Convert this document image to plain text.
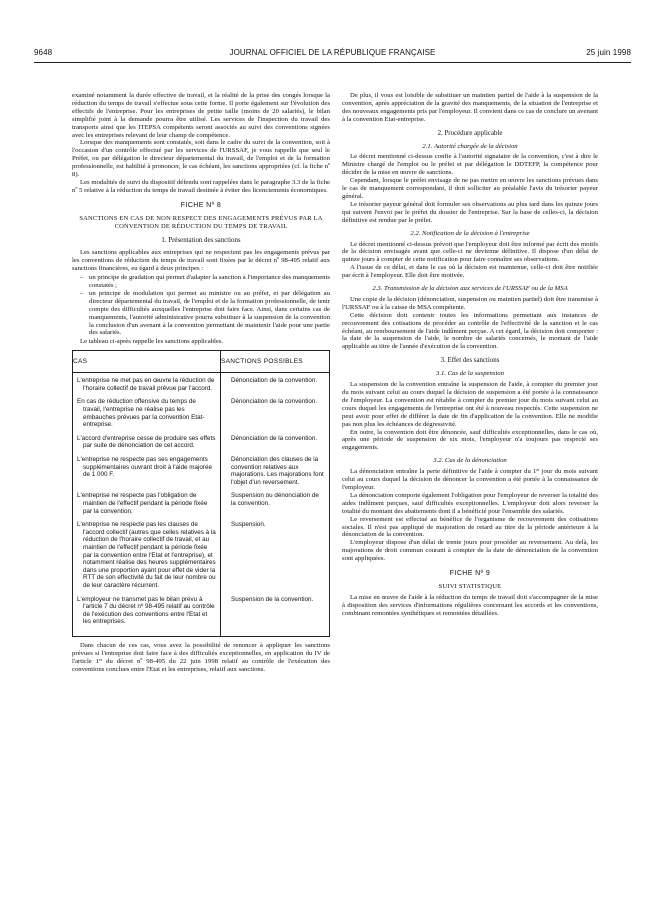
9648	JOURNAL OFFICIEL DE LA RÉPUBLIQUE FRANÇAISE	25 juin 1998

examiné notamment la durée effective de travail, et la réalité de la prise des congés lorsque la réduction du temps de travail s'effectue sous cette forme. Il porte également sur l'évolution des effectifs de l'entreprise. Pour les entreprises de petite taille (moins de 20 salariés), le bilan simplifié joint à la demande pourra être utilisé. Les services de l'inspection du travail des transports ainsi que les ITEPSA compétents seront associés au suivi des conventions signées avec les entreprises relevant de leur champ de compétence.

Lorsque des manquements sont constatés, soit dans le cadre du suivi de la convention, soit à l'occasion d'un contrôle effectué par les services de l'URSSAF, je vous rappelle que seul le Préfet, ou par délégation le directeur départemental du travail, de l'emploi et de la formation professionnelle, est habilité à prononcer, le cas échéant, les sanctions appropriées (cf. la fiche nº 8).

Les modalités de suivi du dispositif défendu sont rappelées dans le paragraphe 3.3 de la fiche nº 5 relative à la réduction du temps de travail destinée à éviter des licenciements économiques.

FICHE Nº 8

SANCTIONS EN CAS DE NON RESPECT DES ENGAGEMENTS PRÉVUS PAR LA CONVENTION DE RÉDUCTION DU TEMPS DE TRAVAIL

1. Présentation des sanctions

Les sanctions applicables aux entreprises qui ne respectent pas les engagements prévus par les conventions de réduction du temps de travail sont fixées par le décret nº 98-495 relatif aux sanctions financières, eu égard à deux principes :

– un principe de gradation qui permet d'adapter la sanction à l'importance des manquements constatés ;
– un principe de modulation qui permet au ministre ou au préfet, et par délégation au directeur départemental du travail, de l'emploi et de la formation professionnelle, de tenir compte des difficultés auxquelles l'entreprise doit faire face. Ainsi, dans certains cas de manquements, l'autorité administrative pourra substituer à la suspension de la convention la conclusion d'un avenant à la convention permettant de maintenir l'aide pour une partie des salariés.

Le tableau ci-après rappelle les sanctions applicables.

CAS	SANCTIONS POSSIBLES

L'entreprise ne met pas en œuvre la réduction de l'horaire collectif de travail prévue par l'accord.	Dénonciation de la convention.

En cas de réduction offensive du temps de travail, l'entreprise ne réalise pas les embauches prévues par la convention Etat-entreprise.	Dénonciation de la convention.

L'accord d'entreprise cesse de produire ses effets par suite de dénonciation de cet accord.	Dénonciation de la convention.

L'entreprise ne respecte pas ses engagements supplémentaires ouvrant droit à l'aide majorée de 1 000 F.	Dénonciation des clauses de la convention relatives aux majorations. Les majorations font l'objet d'un reversement.

L'entreprise ne respecte pas l'obligation de maintien de l'effectif pendant la période fixée par la convention.	Suspension ou dénonciation de la convention.

L'entreprise ne respecte pas les clauses de l'accord collectif (autres que celles relatives à la réduction de l'horaire collectif de travail, et au maintien de l'effectif pendant la période fixée par la convention entre l'Etat et l'entreprise), et notamment réalise des heures supplémentaires dans une proportion ayant pour effet de vider la RTT de son effectivité du fait de leur nombre ou de leur caractère récurrent.	Suspension.

L'employeur ne transmet pas le bilan prévu à l'article 7 du décret nº 98-495 relatif au contrôle de l'exécution des conventions entre l'Etat et les entreprises.	Suspension de la convention.

Dans chacun de ces cas, vous avez la possibilité de renoncer à appliquer les sanctions prévues si l'entreprise doit faire face à des difficultés exceptionnelles, en application du IV de l'article 1ᵉʳ du décret nº 98-495 du 22 juin 1998 relatif au contrôle de l'exécution des conventions conclues entre l'Etat et les entreprises, relatif aux sanctions.

De plus, il vous est loisible de substituer un maintien partiel de l'aide à la suspension de la convention, après appréciation de la gravité des manquements, de la situation de l'entreprise et des nouveaux engagements pris par l'employeur. Il convient dans ce cas de conclure un avenant à la convention Etat-entreprise.

2. Procédure applicable
2.1. Autorité chargée de la décision

Le décret mentionné ci-dessus confie à l'autorité signataire de la convention, c'est à dire le Ministre chargé de l'emploi ou le préfet et par délégation le DDTEFP, la compétence pour décider de la mise en œuvre de sanctions.

Cependant, lorsque le préfet envisage de ne pas mettre en œuvre les sanctions prévues dans le cas de manquement correspondant, il doit solliciter au préalable l'avis du trésorier payeur général.

Le trésorier payeur général doit formuler ses observations au plus tard dans les quinze jours qui suivent l'envoi par le préfet du dossier de l'entreprise. Sur la base de celles-ci, la décision définitive est rendue par le préfet.

2.2. Notification de la décision à l'entreprise

Le décret mentionné ci-dessus prévoit que l'employeur doit être informé par écrit des motifs de la décision envisagée avant que celle-ci ne devienne définitive. Il dispose d'un délai de quinze jours à compter de cette notification pour faire connaître ses observations.

A l'issue de ce délai, et dans le cas où la décision est maintenue, celle-ci doit être notifiée par écrit à l'employeur. Elle doit être motivée.

2.3. Transmission de la décision aux services de l'URSSAF ou de la MSA

Une copie de la décision (dénonciation, suspension ou maintien partiel) doit être transmise à l'URSSAF ou à la caisse de MSA compétente.

Cette décision doit contenir toutes les informations permettant aux instances de recouvrement des cotisations de procéder au contrôle de l'effectivité de la sanction et le cas échéant, au remboursement de l'aide indûment perçue. A cet égard, la décision doit comporter : la date de la suspension de l'aide, le nombre de salariés concernés, le montant de l'aide applicable au titre de l'année d'exécution de la convention.

3. Effet des sanctions
3.1. Cas de la suspension

La suspension de la convention entraîne la suspension de l'aide, à compter du premier jour du mois suivant celui au cours duquel la décision de suspension a été portée à la connaissance de l'employeur. La convention est rétablie à compter du premier jour du mois suivant celui au cours duquel les engagements de l'entreprise ont été à nouveau respectés. Cette suspension ne peut avoir pour effet de différer la date de fin d'application de la convention. Elle ne modifie pas non plus les échéances de dégressivité.

En outre, la convention doit être dénoncée, sauf difficultés exceptionnelles, dans le cas où, après une période de suspension de six mois, l'employeur n'a toujours pas respecté ses engagements.

3.2. Cas de la dénonciation

La dénonciation entraîne la perte définitive de l'aide à compter du 1ᵉʳ jour du mois suivant celui au cours duquel la décision de dénoncer la convention a été portée à la connaissance de l'employeur.

La dénonciation comporte également l'obligation pour l'employeur de reverser la totalité des aides indûment perçues, sauf difficultés exceptionnelles. L'employeur doit alors reverser la totalité du montant des abattements dont il a bénéficié pour l'ensemble des salariés.

Le reversement est effectué au bénéfice de l'organisme de recouvrement des cotisations sociales. Il n'est pas appliqué de majoration de retard au titre de la période antérieure à la dénonciation de la convention.

L'employeur dispose d'un délai de trente jours pour procéder au reversement. Au delà, les majorations de droit commun courant à compter de la date de dénonciation de la convention sont appliquées.

FICHE Nº 9

SUIVI STATISTIQUE

La mise en œuvre de l'aide à la réduction du temps de travail doit s'accompagner de la mise à disposition des services d'informations régulières concernant les accords et les conventions, combinant remontées synthétiques et remontées détaillées.
